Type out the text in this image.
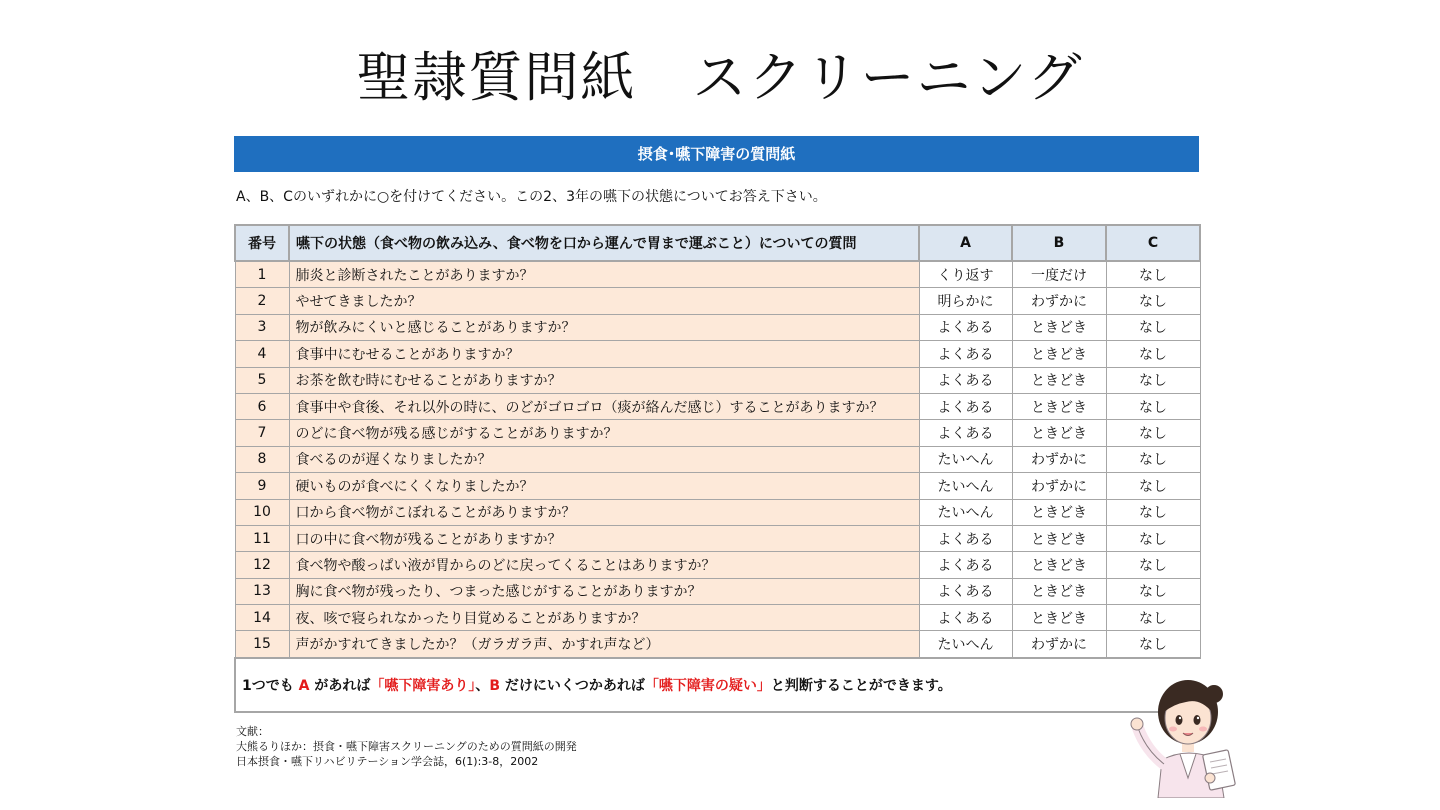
聖隷質問紙　スクリーニング
摂食･嚥下障害の質問紙
A、B、Cのいずれかに○を付けてください。この2、3年の嚥下の状態についてお答え下さい。
番号	嚥下の状態（食べ物の飲み込み、食べ物を口から運んで胃まで運ぶこと）についての質問	A	B	C
1	肺炎と診断されたことがありますか？	くり返す	一度だけ	なし
2	やせてきましたか？	明らかに	わずかに	なし
3	物が飲みにくいと感じることがありますか？	よくある	ときどき	なし
4	食事中にむせることがありますか？	よくある	ときどき	なし
5	お茶を飲む時にむせることがありますか？	よくある	ときどき	なし
6	食事中や食後、それ以外の時に、のどがゴロゴロ（痰が絡んだ感じ）することがありますか？	よくある	ときどき	なし
7	のどに食べ物が残る感じがすることがありますか？	よくある	ときどき	なし
8	食べるのが遅くなりましたか？	たいへん	わずかに	なし
9	硬いものが食べにくくなりましたか？	たいへん	わずかに	なし
10	口から食べ物がこぼれることがありますか？	たいへん	ときどき	なし
11	口の中に食べ物が残ることがありますか？	よくある	ときどき	なし
12	食べ物や酸っぱい液が胃からのどに戻ってくることはありますか？	よくある	ときどき	なし
13	胸に食べ物が残ったり、つまった感じがすることがありますか？	よくある	ときどき	なし
14	夜、咳で寝られなかったり目覚めることがありますか？	よくある	ときどき	なし
15	声がかすれてきましたか？（ガラガラ声、かすれ声など）	たいへん	わずかに	なし
1つでも A があれば「嚥下障害あり」、B だけにいくつかあれば「嚥下障害の疑い」と判断することができます。				
文献：
大熊るりほか：摂食・嚥下障害スクリーニングのための質問紙の開発
日本摂食・嚥下リハビリテーション学会誌，6(1):3-8，2002
